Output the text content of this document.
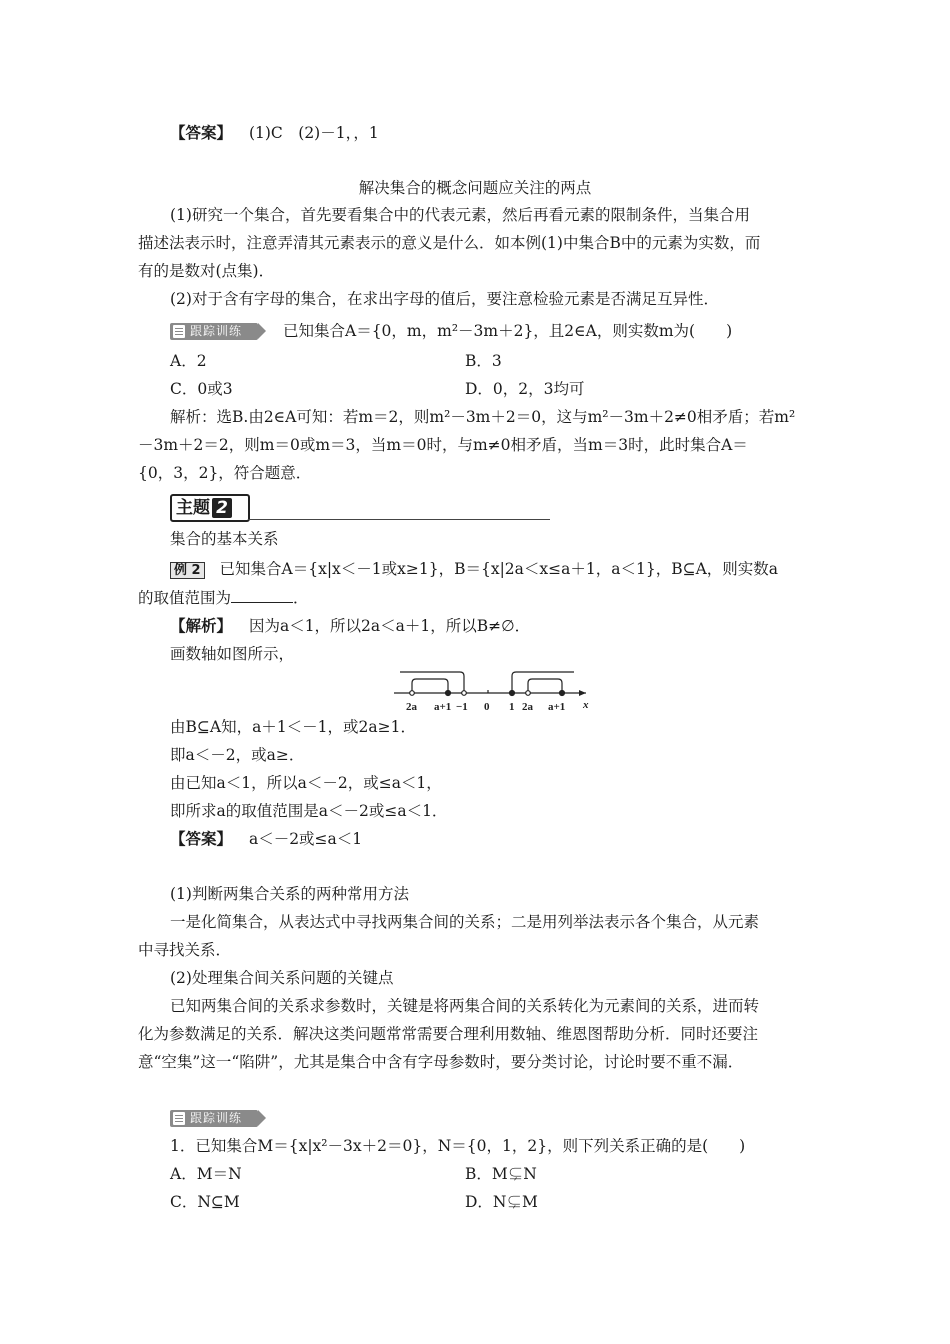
【答案】 (1)C　(2)－1，，1
解决集合的概念问题应关注的两点
(1)研究一个集合，首先要看集合中的代表元素，然后再看元素的限制条件，当集合用
描述法表示时，注意弄清其元素表示的意义是什么．如本例(1)中集合B中的元素为实数，而
有的是数对(点集)．
(2)对于含有字母的集合，在求出字母的值后，要注意检验元素是否满足互异性．
跟踪训练	已知集合A＝{0，m，m²－3m＋2}，且2∈A，则实数m为(　　)
A．2	B．3
C．0或3	D．0，2，3均可
解析：选B.由2∈A可知：若m＝2，则m²－3m＋2＝0，这与m²－3m＋2≠0相矛盾；若m²
－3m＋2＝2，则m＝0或m＝3，当m＝0时，与m≠0相矛盾，当m＝3时，此时集合A＝
{0，3，2}，符合题意．
主题 2
集合的基本关系
例 2 已知集合A＝{x|x＜－1或x≥1}，B＝{x|2a＜x≤a＋1，a＜1}，B⊆A，则实数a
的取值范围为	．
【解析】 因为a＜1，所以2a＜a＋1，所以B≠∅．
画数轴如图所示，
2a a+1 −1 0 1 2a a+1 x
由B⊆A知，a＋1＜－1，或2a≥1．
即a＜－2，或a≥．
由已知a＜1，所以a＜－2，或≤a＜1，
即所求a的取值范围是a＜－2或≤a＜1．
【答案】 a＜－2或≤a＜1
(1)判断两集合关系的两种常用方法
一是化简集合，从表达式中寻找两集合间的关系；二是用列举法表示各个集合，从元素
中寻找关系．
(2)处理集合间关系问题的关键点
已知两集合间的关系求参数时，关键是将两集合间的关系转化为元素间的关系，进而转
化为参数满足的关系．解决这类问题常常需要合理利用数轴、维恩图帮助分析．同时还要注
意“空集”这一“陷阱”，尤其是集合中含有字母参数时，要分类讨论，讨论时要不重不漏．
跟踪训练
1．已知集合M＝{x|x²－3x＋2＝0}，N＝{0，1，2}，则下列关系正确的是(　　)
A．M＝N	B．M⊊N
C．N⊆M	D．N⊊M
